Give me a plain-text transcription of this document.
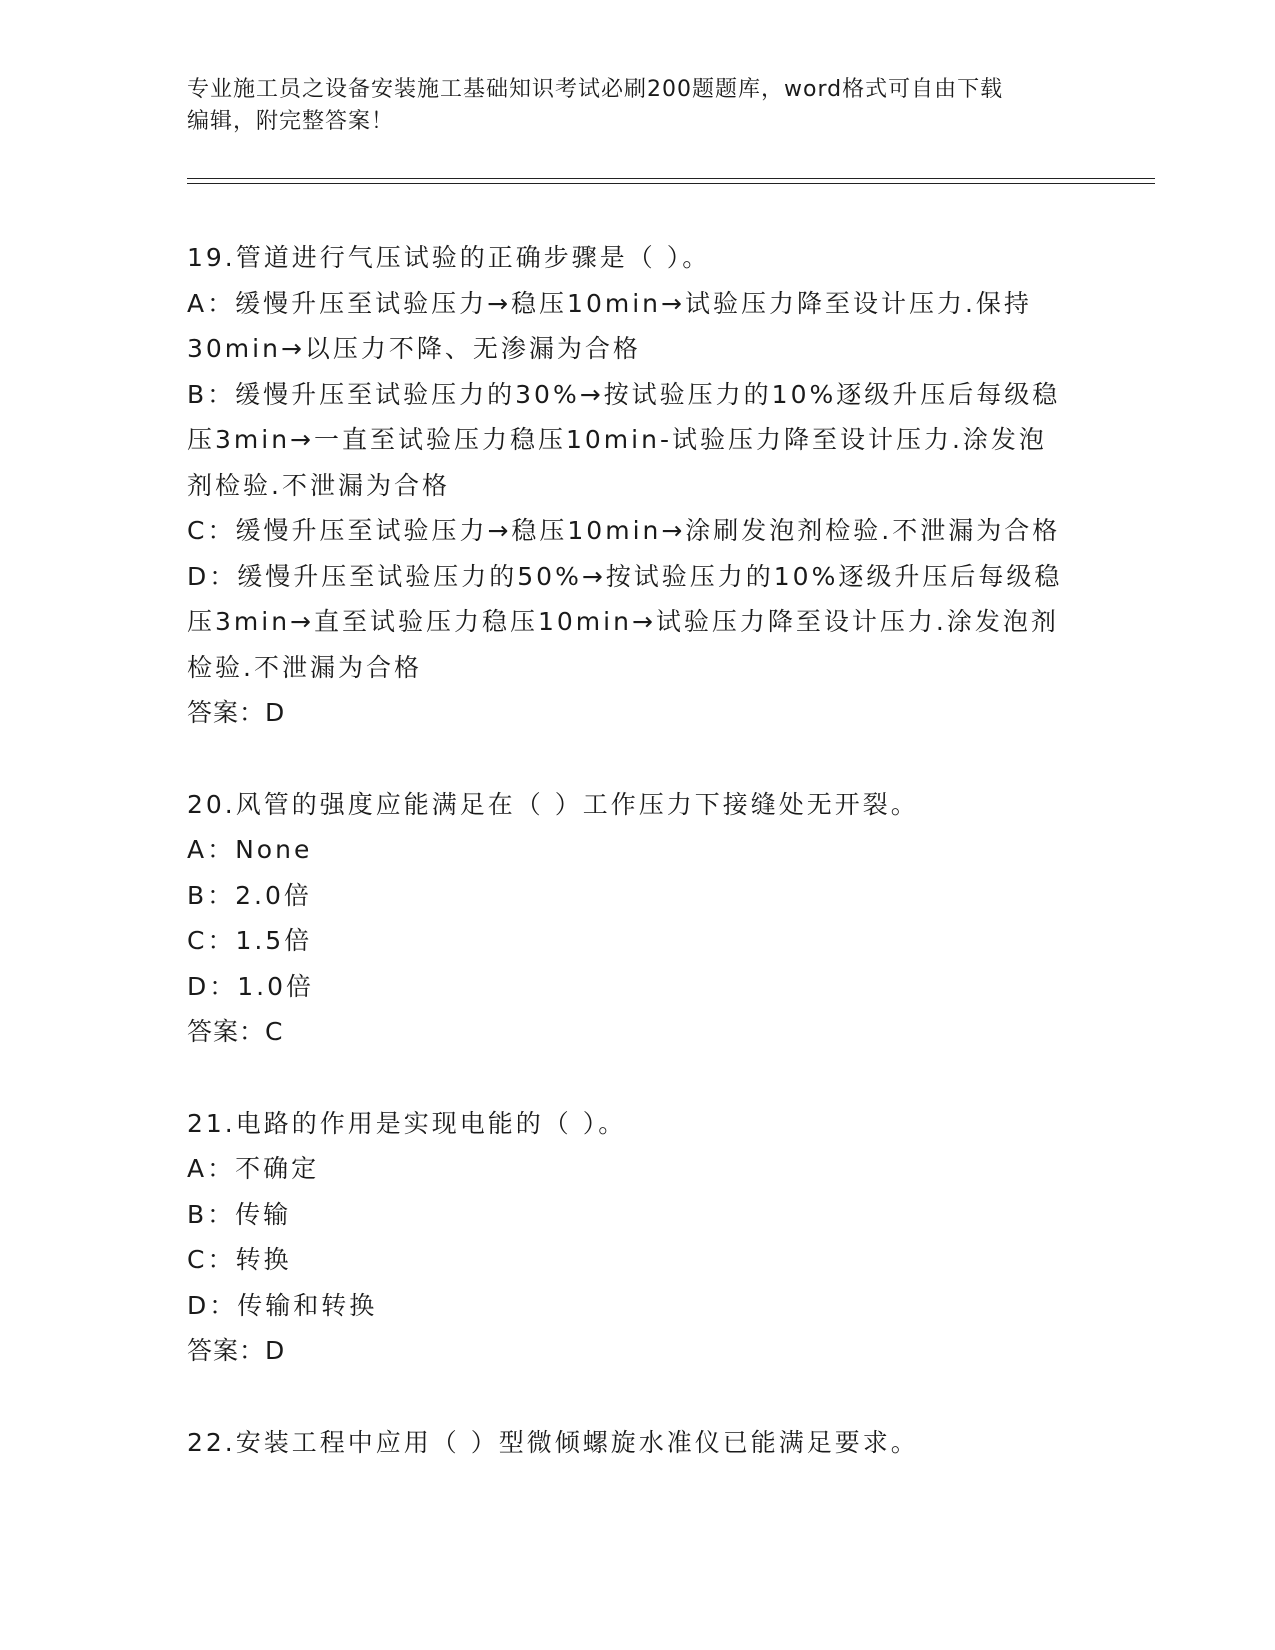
专业施工员之设备安装施工基础知识考试必刷200题题库，word格式可自由下载
编辑，附完整答案！
19.管道进行气压试验的正确步骤是（ ）。
A：缓慢升压至试验压力→稳压10min→试验压力降至设计压力.保持
30min→以压力不降、无渗漏为合格
B：缓慢升压至试验压力的30%→按试验压力的10%逐级升压后每级稳
压3min→一直至试验压力稳压10min-试验压力降至设计压力.涂发泡
剂检验.不泄漏为合格
C：缓慢升压至试验压力→稳压10min→涂刷发泡剂检验.不泄漏为合格
D：缓慢升压至试验压力的50%→按试验压力的10%逐级升压后每级稳
压3min→直至试验压力稳压10min→试验压力降至设计压力.涂发泡剂
检验.不泄漏为合格
答案：D
20.风管的强度应能满足在（ ）工作压力下接缝处无开裂。
A：None
B：2.0倍
C：1.5倍
D：1.0倍
答案：C
21.电路的作用是实现电能的（ ）。
A：不确定
B：传输
C：转换
D：传输和转换
答案：D
22.安装工程中应用（ ）型微倾螺旋水准仪已能满足要求。
